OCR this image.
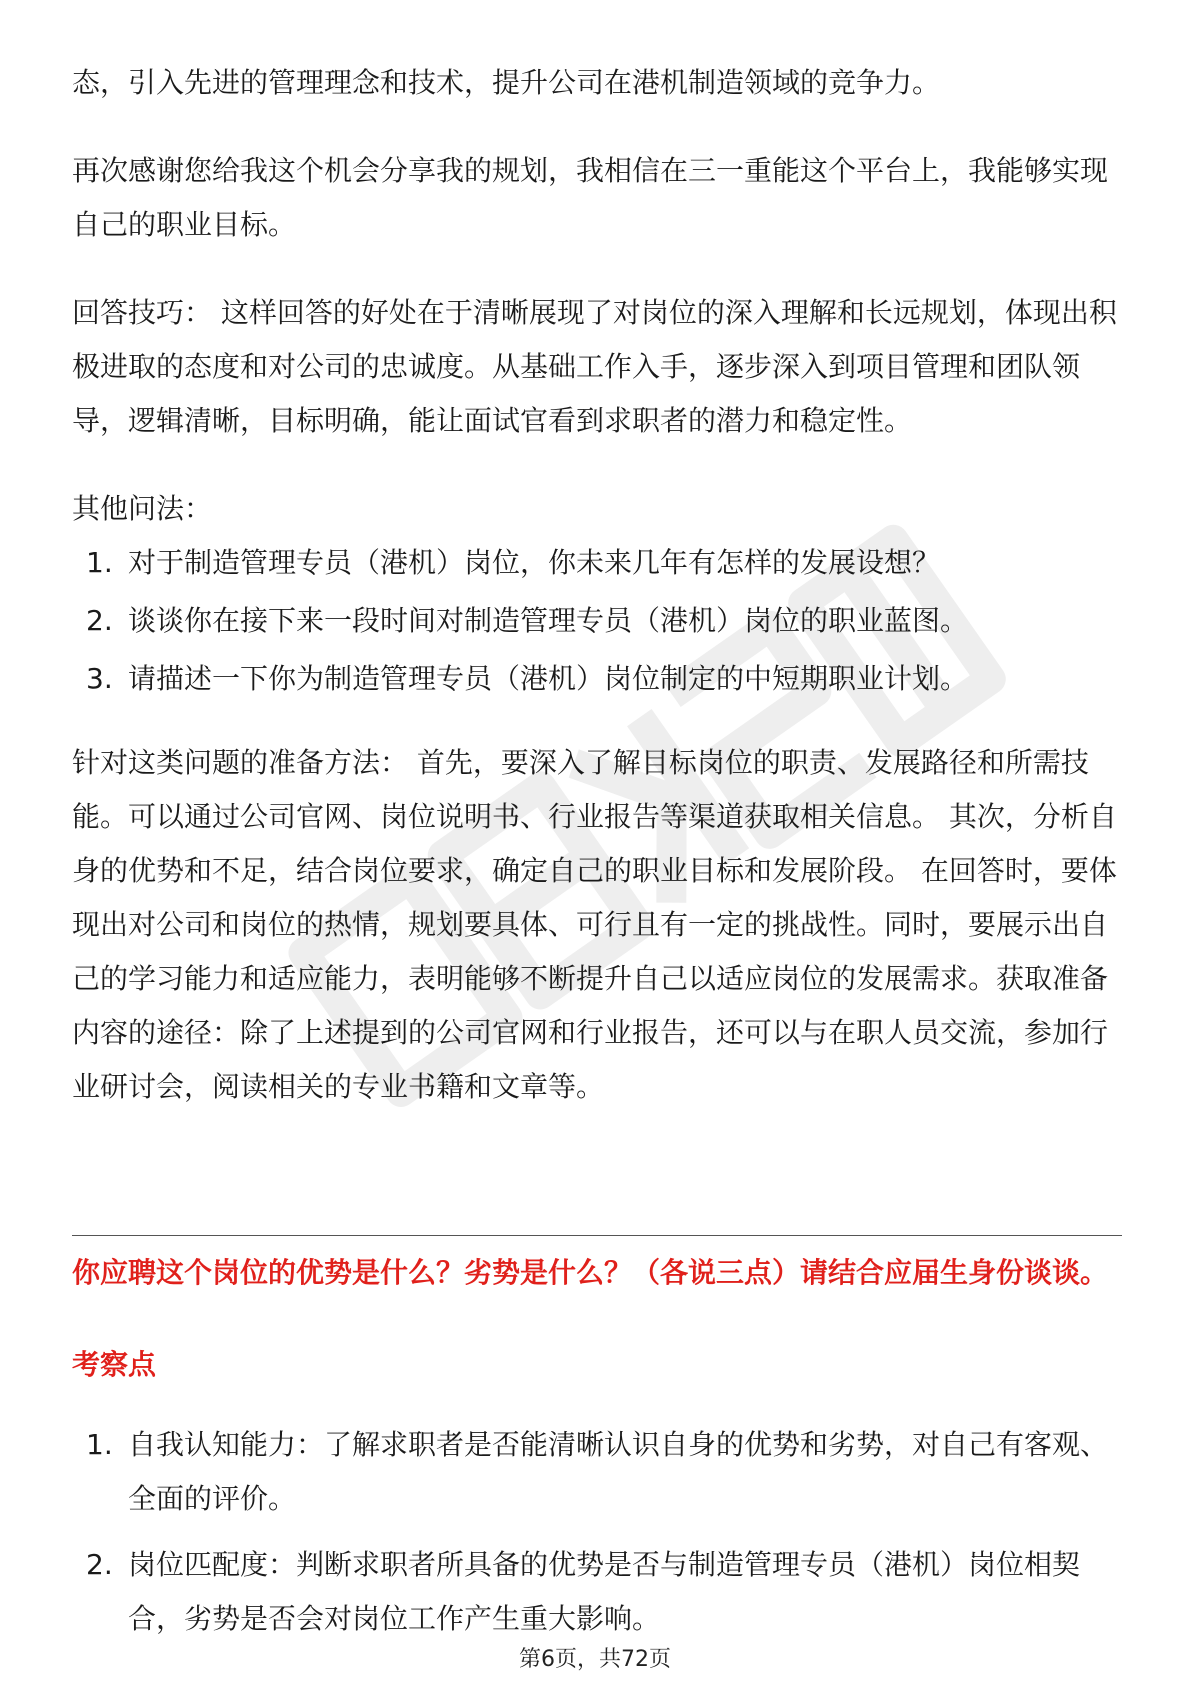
态，引入先进的管理理念和技术，提升公司在港机制造领域的竞争力。

再次感谢您给我这个机会分享我的规划，我相信在三一重能这个平台上，我能够实现自己的职业目标。

回答技巧： 这样回答的好处在于清晰展现了对岗位的深入理解和长远规划，体现出积极进取的态度和对公司的忠诚度。从基础工作入手，逐步深入到项目管理和团队领导，逻辑清晰，目标明确，能让面试官看到求职者的潜力和稳定性。

其他问法：

1. 对于制造管理专员（港机）岗位，你未来几年有怎样的发展设想？
2. 谈谈你在接下来一段时间对制造管理专员（港机）岗位的职业蓝图。
3. 请描述一下你为制造管理专员（港机）岗位制定的中短期职业计划。

针对这类问题的准备方法： 首先，要深入了解目标岗位的职责、发展路径和所需技能。可以通过公司官网、岗位说明书、行业报告等渠道获取相关信息。 其次，分析自身的优势和不足，结合岗位要求，确定自己的职业目标和发展阶段。 在回答时，要体现出对公司和岗位的热情，规划要具体、可行且有一定的挑战性。同时，要展示出自己的学习能力和适应能力，表明能够不断提升自己以适应岗位的发展需求。获取准备内容的途径：除了上述提到的公司官网和行业报告，还可以与在职人员交流，参加行业研讨会，阅读相关的专业书籍和文章等。

你应聘这个岗位的优势是什么？劣势是什么？（各说三点）请结合应届生身份谈谈。

考察点

1. 自我认知能力：了解求职者是否能清晰认识自身的优势和劣势，对自己有客观、全面的评价。
2. 岗位匹配度：判断求职者所具备的优势是否与制造管理专员（港机）岗位相契合，劣势是否会对岗位工作产生重大影响。
第6页，共72页
